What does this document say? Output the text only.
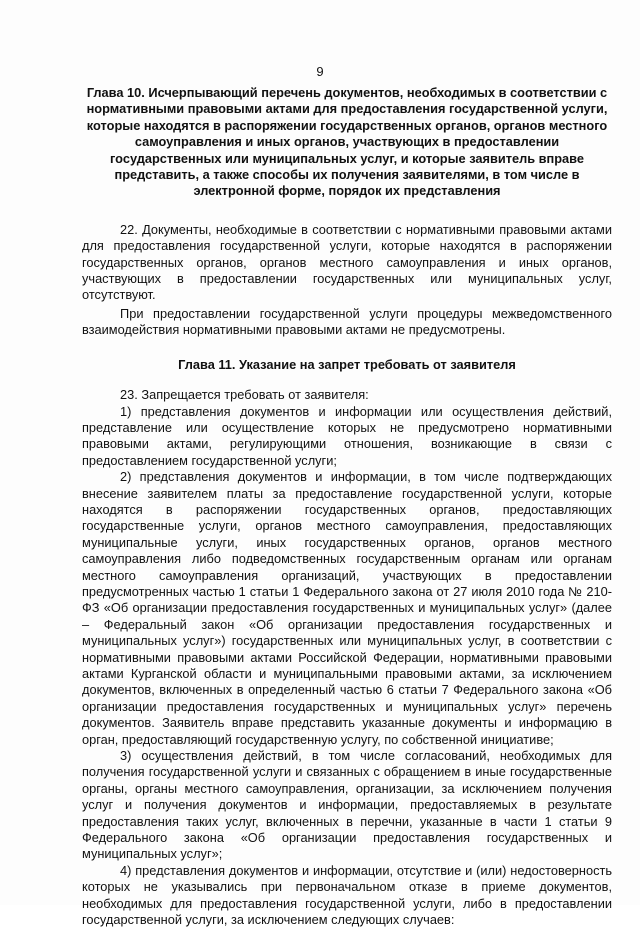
9
Глава 10. Исчерпывающий перечень документов, необходимых в соответствии с нормативными правовыми актами для предоставления государственной услуги, которые находятся в распоряжении государственных органов, органов местного самоуправления и иных органов, участвующих в предоставлении государственных или муниципальных услуг, и которые заявитель вправе представить, а также способы их получения заявителями, в том числе в электронной форме, порядок их представления

22. Документы, необходимые в соответствии с нормативными правовыми актами для предоставления государственной услуги, которые находятся в распоряжении государственных органов, органов местного самоуправления и иных органов, участвующих в предоставлении государственных или муниципальных услуг, отсутствуют.

При предоставлении государственной услуги процедуры межведомственного взаимодействия нормативными правовыми актами не предусмотрены.

Глава 11. Указание на запрет требовать от заявителя

23. Запрещается требовать от заявителя:

1) представления документов и информации или осуществления действий, представление или осуществление которых не предусмотрено нормативными правовыми актами, регулирующими отношения, возникающие в связи с предоставлением государственной услуги;

2) представления документов и информации, в том числе подтверждающих внесение заявителем платы за предоставление государственной услуги, которые находятся в распоряжении государственных органов, предоставляющих государственные услуги, органов местного самоуправления, предоставляющих муниципальные услуги, иных государственных органов, органов местного самоуправления либо подведомственных государственным органам или органам местного самоуправления организаций, участвующих в предоставлении предусмотренных частью 1 статьи 1 Федерального закона от 27 июля 2010 года № 210-ФЗ «Об организации предоставления государственных и муниципальных услуг» (далее – Федеральный закон «Об организации предоставления государственных и муниципальных услуг») государственных или муниципальных услуг, в соответствии с нормативными правовыми актами Российской Федерации, нормативными правовыми актами Курганской области и муниципальными правовыми актами, за исключением документов, включенных в определенный частью 6 статьи 7 Федерального закона «Об организации предоставления государственных и муниципальных услуг» перечень документов. Заявитель вправе представить указанные документы и информацию в орган, предоставляющий государственную услугу, по собственной инициативе;

3) осуществления действий, в том числе согласований, необходимых для получения государственной услуги и связанных с обращением в иные государственные органы, органы местного самоуправления, организации, за исключением получения услуг и получения документов и информации, предоставляемых в результате предоставления таких услуг, включенных в перечни, указанные в части 1 статьи 9 Федерального закона «Об организации предоставления государственных и муниципальных услуг»;

4) представления документов и информации, отсутствие и (или) недостоверность которых не указывались при первоначальном отказе в приеме документов, необходимых для предоставления государственной услуги, либо в предоставлении государственной услуги, за исключением следующих случаев:
